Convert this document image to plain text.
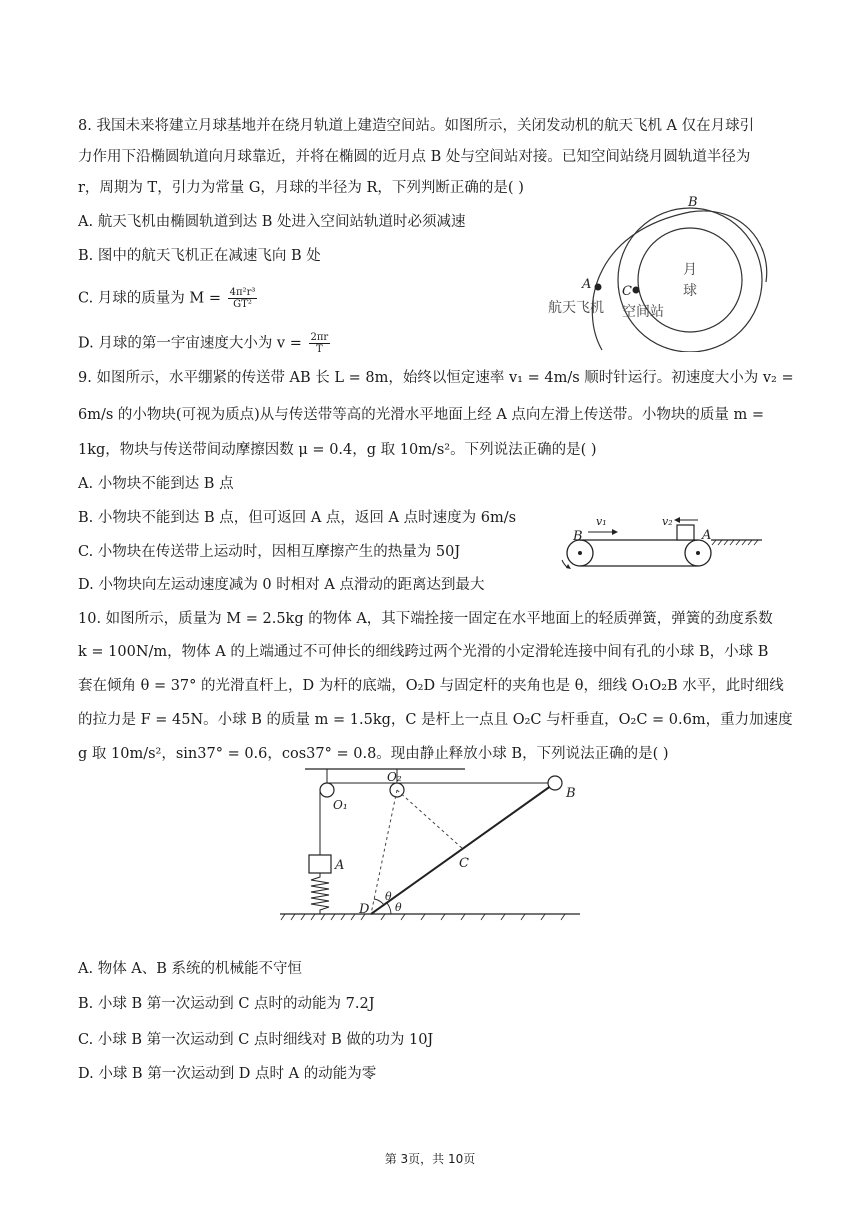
8. 我国未来将建立月球基地并在绕月轨道上建造空间站。如图所示，关闭发动机的航天飞机 A 仅在月球引
力作用下沿椭圆轨道向月球靠近，并将在椭圆的近月点 B 处与空间站对接。已知空间站绕月圆轨道半径为
r，周期为 T，引力为常量 G，月球的半径为 R，下列判断正确的是( )
A. 航天飞机由椭圆轨道到达 B 处进入空间站轨道时必须减速
B. 图中的航天飞机正在减速飞向 B 处
C. 月球的质量为 $M = \frac{\text{4π²r³}}{\text{GT²}}$
D. 月球的第一宇宙速度大小为 $v = \frac{2\pi r}{T}$
B
月
球
A C
航天飞机 空间站
9. 如图所示，水平绷紧的传送带 AB 长 L = 8m，始终以恒定速率 v₁ = 4m/s 顺时针运行。初速度大小为 v₂ =
6m/s 的小物块(可视为质点)从与传送带等高的光滑水平地面上经 A 点向左滑上传送带。小物块的质量 m =
1kg，物块与传送带间动摩擦因数 μ = 0.4，g 取 10m/s²。下列说法正确的是( )
A. 小物块不能到达 B 点
B. 小物块不能到达 B 点，但可返回 A 点，返回 A 点时速度为 6m/s
C. 小物块在传送带上运动时，因相互摩擦产生的热量为 50J
D. 小物块向左运动速度减为 0 时相对 A 点滑动的距离达到最大
B	A
v₁	v₂
10. 如图所示，质量为 M = 2.5kg 的物体 A，其下端拴接一固定在水平地面上的轻质弹簧，弹簧的劲度系数
k = 100N/m，物体 A 的上端通过不可伸长的细线跨过两个光滑的小定滑轮连接中间有孔的小球 B，小球 B
套在倾角 θ = 37° 的光滑直杆上，D 为杆的底端，O₂D 与固定杆的夹角也是 θ，细线 O₁O₂B 水平，此时细线
的拉力是 F = 45N。小球 B 的质量 m = 1.5kg，C 是杆上一点且 O₂C 与杆垂直，O₂C = 0.6m，重力加速度
g 取 10m/s²，sin37° = 0.6，cos37° = 0.8。现由静止释放小球 B，下列说法正确的是( )
O₁
O₂
A
B
C
D
θ
θ
A. 物体 A、B 系统的机械能不守恒
B. 小球 B 第一次运动到 C 点时的动能为 7.2J
C. 小球 B 第一次运动到 C 点时细线对 B 做的功为 10J
D. 小球 B 第一次运动到 D 点时 A 的动能为零
第 3页，共 10页
